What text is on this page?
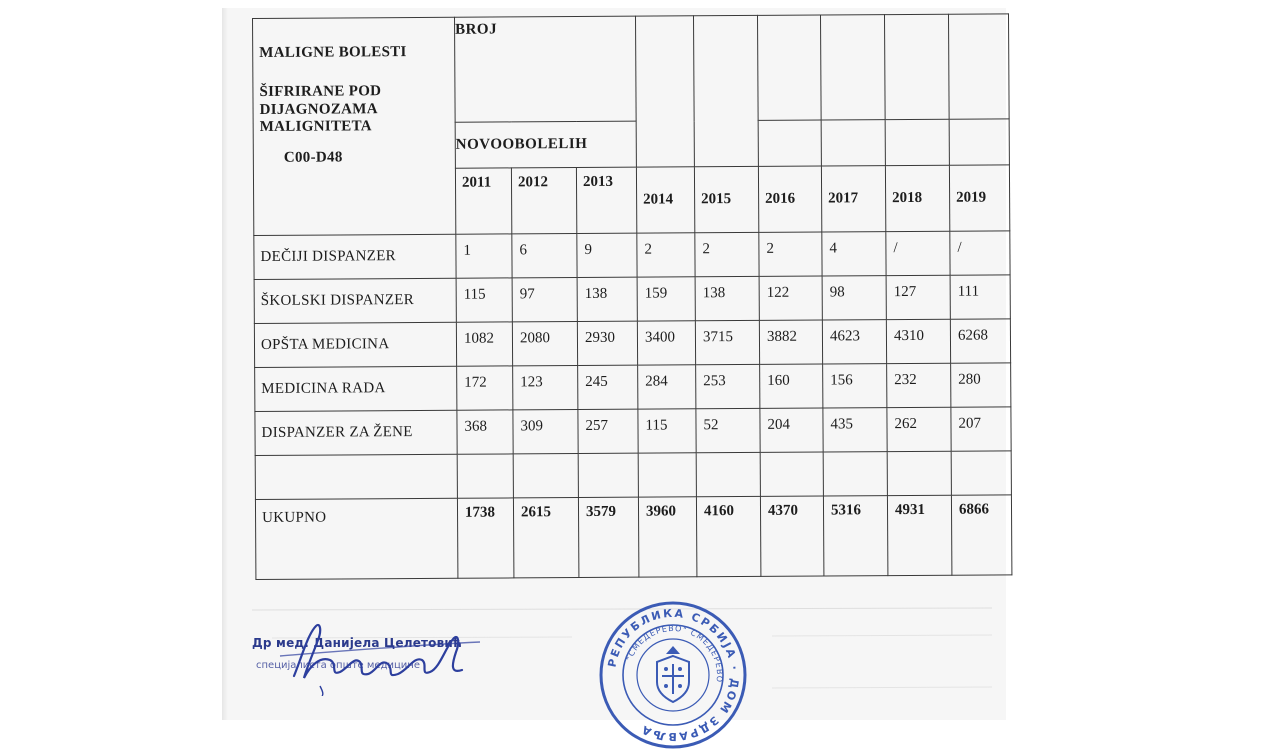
MALIGNE BOLESTI
ŠIFRIRANE POD
DIJAGNOZAMA
MALIGNITETA
C00-D48	BROJ								
	NOVOOBOLELIH								
	2011	2012	2013	2014	2015	2016	2017	2018	2019
DEČIJI DISPANZER	1	6	9	2	2	2	4	/	/
ŠKOLSKI DISPANZER	115	97	138	159	138	122	98	127	111
OPŠTA MEDICINA	1082	2080	2930	3400	3715	3882	4623	4310	6268
MEDICINA RADA	172	123	245	284	253	160	156	232	280
DISPANZER ZA ŽENE	368	309	257	115	52	204	435	262	207

UKUPNO	1738	2615	3579	3960	4160	4370	5316	4931	6866
Др мед. Данијела Целетовић
специјалиста опште медицине	РЕПУБЛИКА СРБИЈА · ДОМ ЗДРАВЉА
"СМЕДЕРЕВО" СМЕДЕРЕВО
